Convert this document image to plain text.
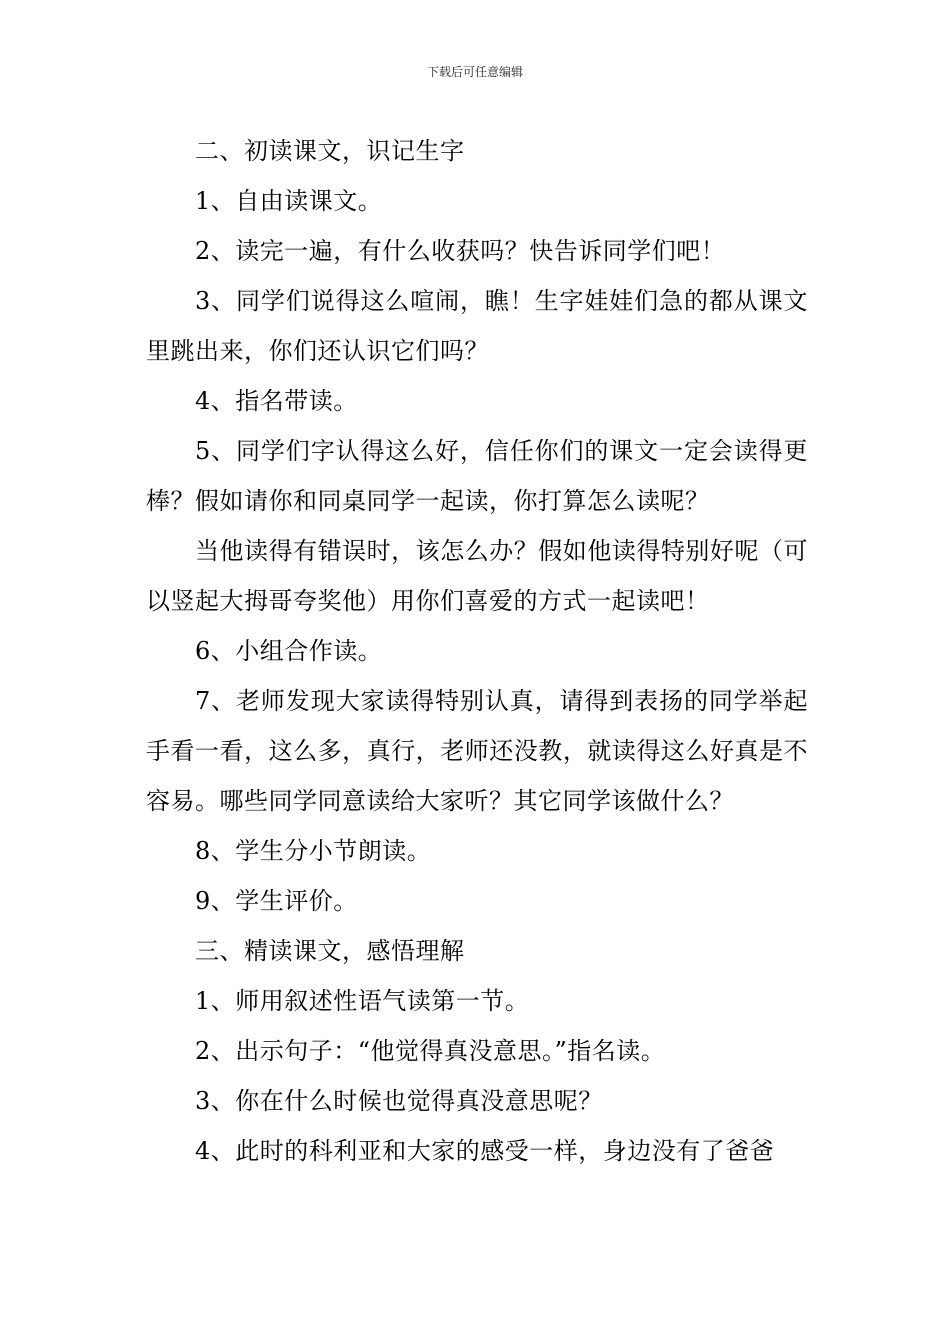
下载后可任意编辑

二、初读课文，识记生字

1、自由读课文。

2、读完一遍，有什么收获吗？快告诉同学们吧！

3、同学们说得这么喧闹，瞧！生字娃娃们急的都从课文里跳出来，你们还认识它们吗？

4、指名带读。

5、同学们字认得这么好，信任你们的课文一定会读得更棒？假如请你和同桌同学一起读，你打算怎么读呢？

当他读得有错误时，该怎么办？假如他读得特别好呢（可以竖起大拇哥夸奖他）用你们喜爱的方式一起读吧！

6、小组合作读。

7、老师发现大家读得特别认真，请得到表扬的同学举起手看一看，这么多，真行，老师还没教，就读得这么好真是不容易。哪些同学同意读给大家听？其它同学该做什么？

8、学生分小节朗读。

9、学生评价。

三、精读课文，感悟理解

1、师用叙述性语气读第一节。

2、出示句子：“他觉得真没意思。”指名读。

3、你在什么时候也觉得真没意思呢？

4、此时的科利亚和大家的感受一样，身边没有了爸爸
